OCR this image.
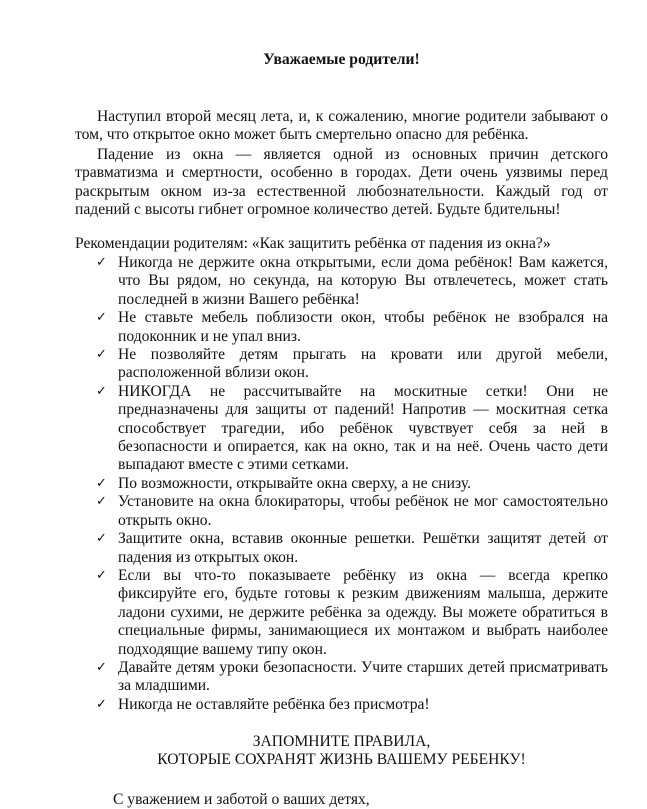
Уважаемые родители!

Наступил второй месяц лета, и, к сожалению, многие родители забывают о том, что открытое окно может быть смертельно опасно для ребёнка.

Падение из окна — является одной из основных причин детского травматизма и смертности, особенно в городах. Дети очень уязвимы перед раскрытым окном из-за естественной любознательности. Каждый год от падений с высоты гибнет огромное количество детей. Будьте бдительны!

Рекомендации родителям: «Как защитить ребёнка от падения из окна?»

✓ Никогда не держите окна открытыми, если дома ребёнок! Вам кажется, что Вы рядом, но секунда, на которую Вы отвлечетесь, может стать последней в жизни Вашего ребёнка!
✓ Не ставьте мебель поблизости окон, чтобы ребёнок не взобрался на подоконник и не упал вниз.
✓ Не позволяйте детям прыгать на кровати или другой мебели, расположенной вблизи окон.
✓ НИКОГДА не рассчитывайте на москитные сетки! Они не предназначены для защиты от падений! Напротив — москитная сетка способствует трагедии, ибо ребёнок чувствует себя за ней в безопасности и опирается, как на окно, так и на неё. Очень часто дети выпадают вместе с этими сетками.
✓ По возможности, открывайте окна сверху, а не снизу.
✓ Установите на окна блокираторы, чтобы ребёнок не мог самостоятельно открыть окно.
✓ Защитите окна, вставив оконные решетки. Решётки защитят детей от падения из открытых окон.
✓ Если вы что-то показываете ребёнку из окна — всегда крепко фиксируйте его, будьте готовы к резким движениям малыша, держите ладони сухими, не держите ребёнка за одежду. Вы можете обратиться в специальные фирмы, занимающиеся их монтажом и выбрать наиболее подходящие вашему типу окон.
✓ Давайте детям уроки безопасности. Учите старших детей присматривать за младшими.
✓ Никогда не оставляйте ребёнка без присмотра!
ЗАПОМНИТЕ ПРАВИЛА,
КОТОРЫЕ СОХРАНЯТ ЖИЗНЬ ВАШЕМУ РЕБЕНКУ!
С уважением и заботой о ваших детях,
